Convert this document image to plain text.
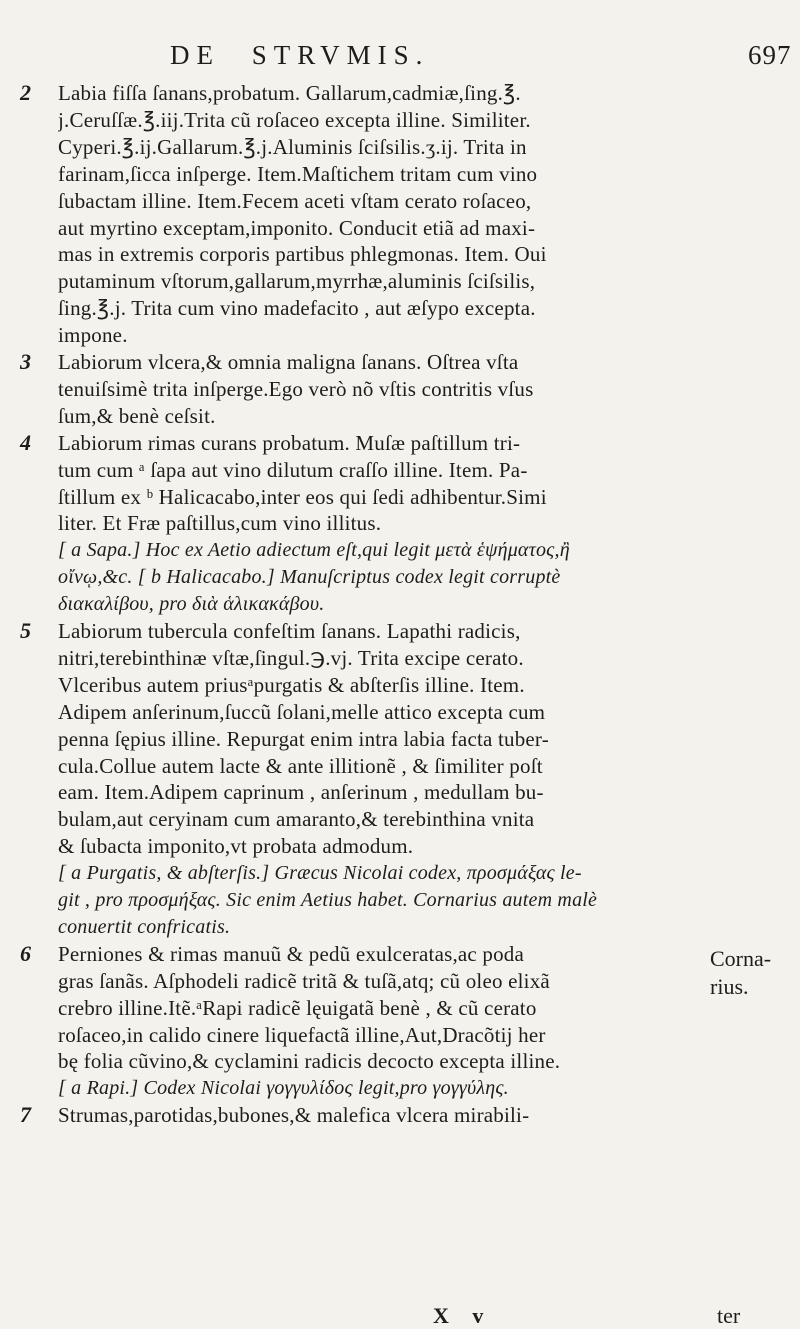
DE STRVMIS.	697
2 Labia fiſſa ſanans,probatum. Gallarum,cadmiæ,ſing.℥.
j.Ceruſſæ.℥.iij.Trita cũ roſaceo excepta illine. Similiter.
Cyperi.℥.ij.Gallarum.℥.j.Aluminis ſciſsilis.ʒ.ij. Trita in
farinam,ſicca inſperge. Item.Maſtichem tritam cum vino
ſubactam illine. Item.Fecem aceti vſtam cerato roſaceo,
aut myrtino exceptam,imponito. Conducit etiã ad maxi-
mas in extremis corporis partibus phlegmonas. Item. Oui
putaminum vſtorum,gallarum,myrrhæ,aluminis ſciſsilis,
ſing.℥.j. Trita cum vino madefacito , aut æſypo excepta.
impone.
3 Labiorum vlcera,& omnia maligna ſanans. Oſtrea vſta
tenuiſsimè trita inſperge.Ego verò nõ vſtis contritis vſus
ſum,& benè ceſsit.
4 Labiorum rimas curans probatum. Muſæ paſtillum tri-
tum cum ᵃ ſapa aut vino dilutum craſſo illine. Item. Pa-
ſtillum ex ᵇ Halicacabo,inter eos qui ſedi adhibentur.Simi
liter. Et Fræ paſtillus,cum vino illitus.
[ a Sapa.] Hoc ex Aetio adiectum eſt,qui legit μετὰ ἑψήματος,ἢ
οἴνῳ,&c. [ b Halicacabo.] Manuſcriptus codex legit corruptè
διακαλίβου, pro διὰ ἁλικακάβου.
5 Labiorum tubercula confeſtim ſanans. Lapathi radicis,
nitri,terebinthinæ vſtæ,ſingul.℈.vj. Trita excipe cerato.
Vlceribus autem priusᵃpurgatis & abſterſis illine. Item.
Adipem anſerinum,ſuccũ ſolani,melle attico excepta cum
penna ſępius illine. Repurgat enim intra labia facta tuber-
cula.Colluе autem lacte & ante illitionẽ , & ſimiliter poſt
eam. Item.Adipem caprinum , anſerinum , medullam bu-
bulam,aut cerуinam cum amaranto,& terebinthina vnita
& ſubacta imponito,vt probata admodum.
[ a Purgatis, & abſterſis.] Græcus Nicolai codex, προσμάξας le-
git , pro προσμήξας. Sic enim Aetius habet. Cornarius autem malè
conuertit confricatis.
6 Perniones & rimas manuũ & pedũ exulceratas,ac poda
gras ſanãs. Aſphodeli radicẽ tritã & tuſã,atq; cũ oleo elixã
crebro illine.Itẽ.ᵃRapi radicẽ lęuigatã benè , & cũ cerato
roſaceo,in calido cinere liquefactã illine,Aut,Dracõtij her
bę folia cũvino,& cyclamini radicis decocto excepta illine.
[ a Rapi.] Codex Nicolai γογγυλίδος legit,pro γογγύλης.
7 Strumas,parotidas,bubones,& malefica vlcera mirabili-
Corna-
rius.
X v	ter
